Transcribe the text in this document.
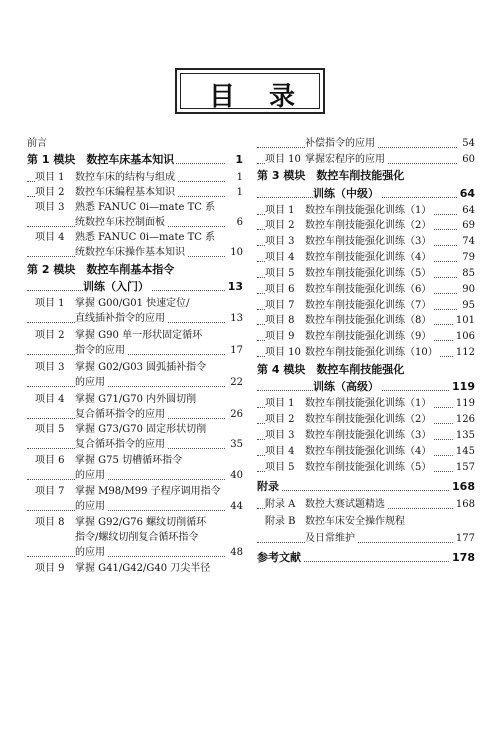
目 录
前言
第 1 模块　数控车床基本知识	1
项目 1 数控车床的结构与组成	1
项目 2 数控车床编程基本知识	1
项目 3 熟悉 FANUC 0i—mate TC 系
统数控车床控制面板	6
项目 4 熟悉 FANUC 0i—mate TC 系
统数控车床操作基本知识	10
第 2 模块　数控车削基本指令
训练（入门）	13
项目 1 掌握 G00/G01 快速定位/
直线插补指令的应用	13
项目 2 掌握 G90 单一形状固定循环
指令的应用	17
项目 3 掌握 G02/G03 圆弧插补指令
的应用	22
项目 4 掌握 G71/G70 内外圆切削
复合循环指令的应用	26
项目 5 掌握 G73/G70 固定形状切削
复合循环指令的应用	35
项目 6 掌握 G75 切槽循环指令
的应用	40
项目 7 掌握 M98/M99 子程序调用指令
的应用	44
项目 8 掌握 G92/G76 螺纹切削循环
指令/螺纹切削复合循环指令
的应用	48
项目 9 掌握 G41/G42/G40 刀尖半径
补偿指令的应用	54
项目 10 掌握宏程序的应用	60
第 3 模块　数控车削技能强化
训练（中级）	64
项目 1 数控车削技能强化训练（1）	64
项目 2 数控车削技能强化训练（2）	69
项目 3 数控车削技能强化训练（3）	74
项目 4 数控车削技能强化训练（4）	79
项目 5 数控车削技能强化训练（5）	85
项目 6 数控车削技能强化训练（6）	90
项目 7 数控车削技能强化训练（7）	95
项目 8 数控车削技能强化训练（8） 101
项目 9 数控车削技能强化训练（9） 106
项目 10 数控车削技能强化训练（10） 112
第 4 模块　数控车削技能强化
训练（高级）	119
项目 1 数控车削技能强化训练（1） 119
项目 2 数控车削技能强化训练（2） 126
项目 3 数控车削技能强化训练（3） 135
项目 4 数控车削技能强化训练（4） 145
项目 5 数控车削技能强化训练（5） 157
附录	168
附录 A 数控大赛试题精选	168
附录 B 数控车床安全操作规程
及日常维护	177
参考文献	178
